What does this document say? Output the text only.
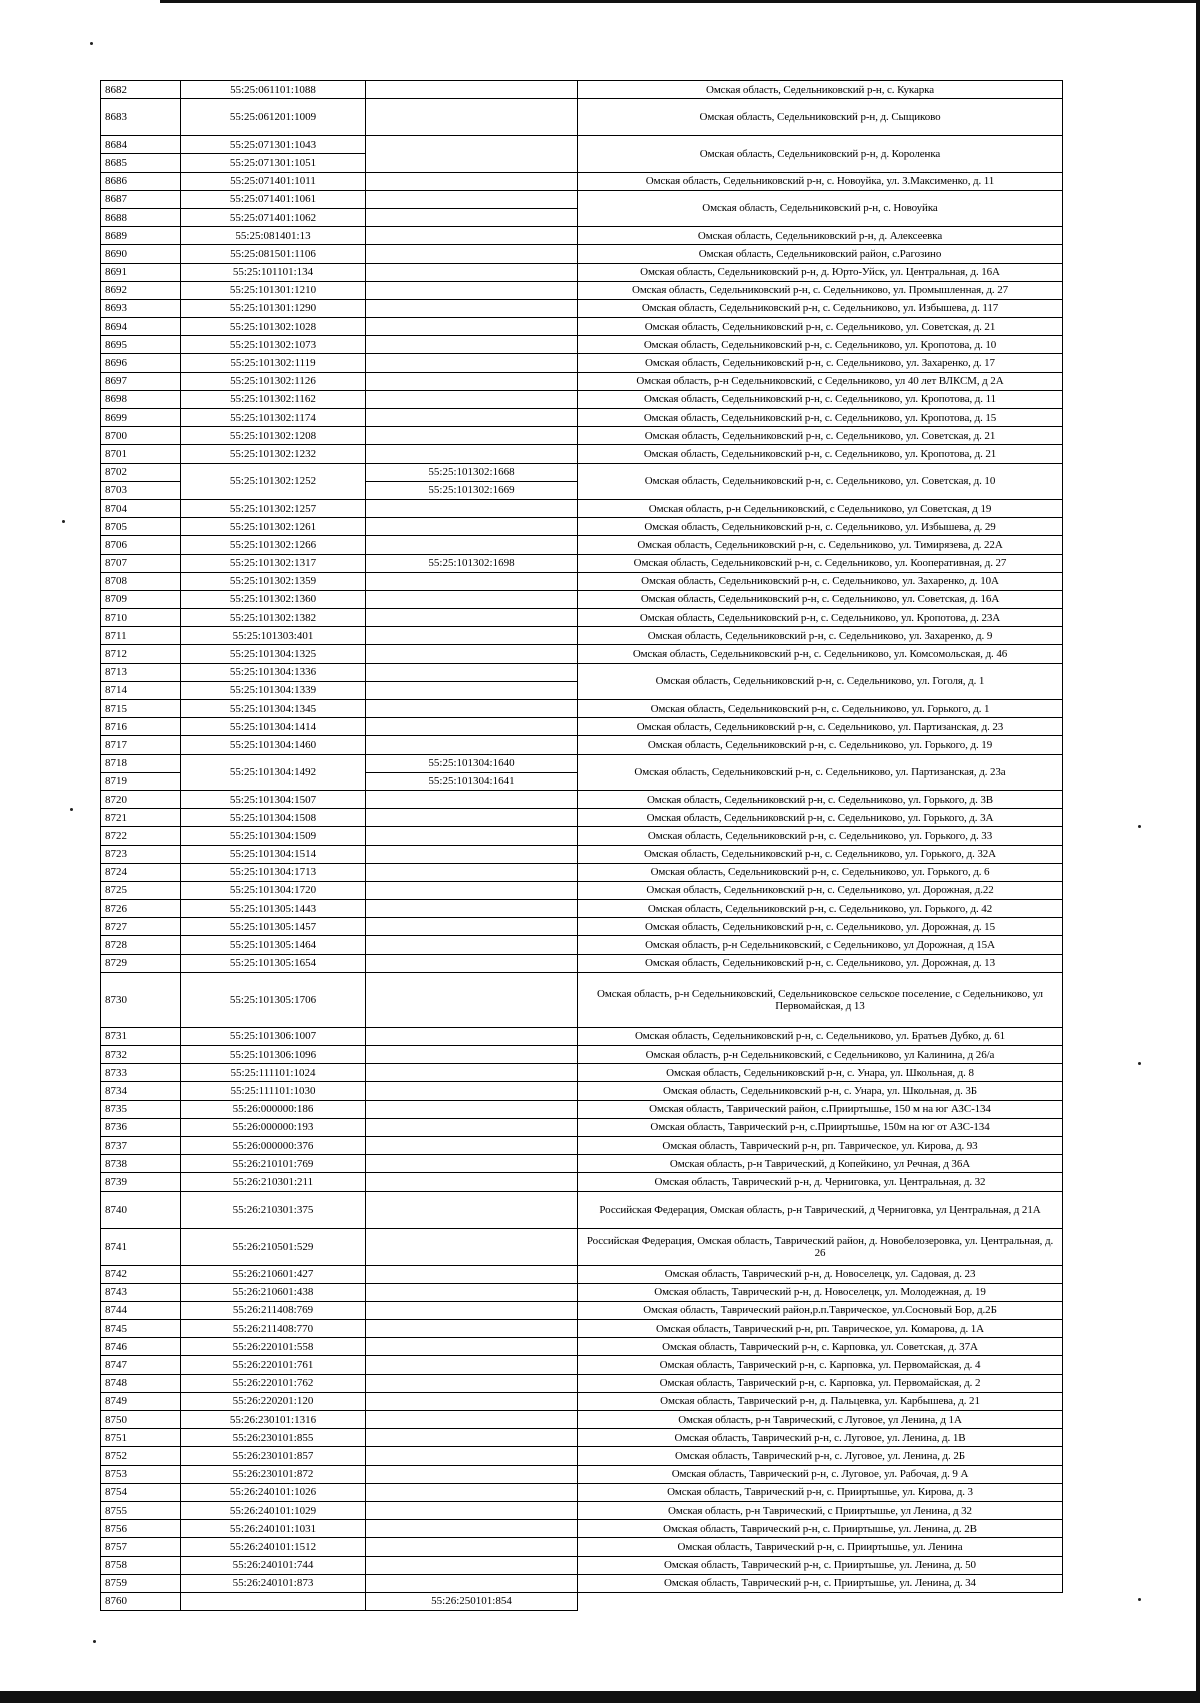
8682	55:25:061101:1088		Омская область, Седельниковский р-н, с. Кукарка
8683	55:25:061201:1009		Омская область, Седельниковский р-н, д. Сыщиково
8684	55:25:071301:1043		Омская область, Седельниковский р-н, д. Короленка
8685	55:25:071301:1051		
8686	55:25:071401:1011		Омская область, Седельниковский р-н, с. Новоуйка, ул. З.Максименко, д. 11
8687	55:25:071401:1061		Омская область, Седельниковский р-н, с. Новоуйка
8688	55:25:071401:1062		
8689	55:25:081401:13		Омская область, Седельниковский р-н, д. Алексеевка
8690	55:25:081501:1106		Омская область, Седельниковский район, с.Рагозино
8691	55:25:101101:134		Омская область, Седельниковский р-н, д. Юрто-Уйск, ул. Центральная, д. 16А
8692	55:25:101301:1210		Омская область, Седельниковский р-н, с. Седельниково, ул. Промышленная, д. 27
8693	55:25:101301:1290		Омская область, Седельниковский р-н, с. Седельниково, ул. Избышева, д. 117
8694	55:25:101302:1028		Омская область, Седельниковский р-н, с. Седельниково, ул. Советская, д. 21
8695	55:25:101302:1073		Омская область, Седельниковский р-н, с. Седельниково, ул. Кропотова, д. 10
8696	55:25:101302:1119		Омская область, Седельниковский р-н, с. Седельниково, ул. Захаренко, д. 17
8697	55:25:101302:1126		Омская область, р-н Седельниковский, с Седельниково, ул 40 лет ВЛКСМ, д 2А
8698	55:25:101302:1162		Омская область, Седельниковский р-н, с. Седельниково, ул. Кропотова, д. 11
8699	55:25:101302:1174		Омская область, Седельниковский р-н, с. Седельниково, ул. Кропотова, д. 15
8700	55:25:101302:1208		Омская область, Седельниковский р-н, с. Седельниково, ул. Советская, д. 21
8701	55:25:101302:1232		Омская область, Седельниковский р-н, с. Седельниково, ул. Кропотова, д. 21
8702	55:25:101302:1252	55:25:101302:1668	Омская область, Седельниковский р-н, с. Седельниково, ул. Советская, д. 10
8703		55:25:101302:1669	
8704	55:25:101302:1257		Омская область, р-н Седельниковский, с Седельниково, ул Советская, д 19
8705	55:25:101302:1261		Омская область, Седельниковский р-н, с. Седельниково, ул. Избышева, д. 29
8706	55:25:101302:1266		Омская область, Седельниковский р-н, с. Седельниково, ул. Тимирязева, д. 22А
8707	55:25:101302:1317	55:25:101302:1698	Омская область, Седельниковский р-н, с. Седельниково, ул. Кооперативная, д. 27
8708	55:25:101302:1359		Омская область, Седельниковский р-н, с. Седельниково, ул. Захаренко, д. 10А
8709	55:25:101302:1360		Омская область, Седельниковский р-н, с. Седельниково, ул. Советская, д. 16А
8710	55:25:101302:1382		Омская область, Седельниковский р-н, с. Седельниково, ул. Кропотова, д. 23А
8711	55:25:101303:401		Омская область, Седельниковский р-н, с. Седельниково, ул. Захаренко, д. 9
8712	55:25:101304:1325		Омская область, Седельниковский р-н, с. Седельниково, ул. Комсомольская, д. 46
8713	55:25:101304:1336		Омская область, Седельниковский р-н, с. Седельниково, ул. Гоголя, д. 1
8714	55:25:101304:1339		
8715	55:25:101304:1345		Омская область, Седельниковский р-н, с. Седельниково, ул. Горького, д. 1
8716	55:25:101304:1414		Омская область, Седельниковский р-н, с. Седельниково, ул. Партизанская, д. 23
8717	55:25:101304:1460		Омская область, Седельниковский р-н, с. Седельниково, ул. Горького, д. 19
8718	55:25:101304:1492	55:25:101304:1640	Омская область, Седельниковский р-н, с. Седельниково, ул. Партизанская, д. 23а
8719		55:25:101304:1641	
8720	55:25:101304:1507		Омская область, Седельниковский р-н, с. Седельниково, ул. Горького, д. 3В
8721	55:25:101304:1508		Омская область, Седельниковский р-н, с. Седельниково, ул. Горького, д. 3А
8722	55:25:101304:1509		Омская область, Седельниковский р-н, с. Седельниково, ул. Горького, д. 33
8723	55:25:101304:1514		Омская область, Седельниковский р-н, с. Седельниково, ул. Горького, д. 32А
8724	55:25:101304:1713		Омская область, Седельниковский р-н, с. Седельниково, ул. Горького, д. 6
8725	55:25:101304:1720		Омская область, Седельниковский р-н, с. Седельниково, ул. Дорожная, д.22
8726	55:25:101305:1443		Омская область, Седельниковский р-н, с. Седельниково, ул. Горького, д. 42
8727	55:25:101305:1457		Омская область, Седельниковский р-н, с. Седельниково, ул. Дорожная, д. 15
8728	55:25:101305:1464		Омская область, р-н Седельниковский, с Седельниково, ул Дорожная, д 15А
8729	55:25:101305:1654		Омская область, Седельниковский р-н, с. Седельниково, ул. Дорожная, д. 13
8730	55:25:101305:1706		Омская область, р-н Седельниковский, Седельниковское сельское поселение, с Седельниково, ул Первомайская, д 13
8731	55:25:101306:1007		Омская область, Седельниковский р-н, с. Седельниково, ул. Братьев Дубко, д. 61
8732	55:25:101306:1096		Омская область, р-н Седельниковский, с Седельниково, ул Калинина, д 26/а
8733	55:25:111101:1024		Омская область, Седельниковский р-н, с. Унара, ул. Школьная, д. 8
8734	55:25:111101:1030		Омская область, Седельниковский р-н, с. Унара, ул. Школьная, д. 3Б
8735	55:26:000000:186		Омская область, Таврический район, с.Прииртышье, 150 м на юг АЗС-134
8736	55:26:000000:193		Омская область, Таврический р-н, с.Прииртышье, 150м на юг от АЗС-134
8737	55:26:000000:376		Омская область, Таврический р-н, рп. Таврическое, ул. Кирова, д. 93
8738	55:26:210101:769		Омская область, р-н Таврический, д Копейкино, ул Речная, д 36А
8739	55:26:210301:211		Омская область, Таврический р-н, д. Черниговка, ул. Центральная, д. 32
8740	55:26:210301:375		Российская Федерация, Омская область, р-н Таврический, д Черниговка, ул Центральная, д 21А
8741	55:26:210501:529		Российская Федерация, Омская область, Таврический район, д. Новобелозеровка, ул. Центральная, д. 26
8742	55:26:210601:427		Омская область, Таврический р-н, д. Новоселецк, ул. Садовая, д. 23
8743	55:26:210601:438		Омская область, Таврический р-н, д. Новоселецк, ул. Молодежная, д. 19
8744	55:26:211408:769		Омская область, Таврический район,р.п.Таврическое, ул.Сосновый Бор, д.2Б
8745	55:26:211408:770		Омская область, Таврический р-н, рп. Таврическое, ул. Комарова, д. 1А
8746	55:26:220101:558		Омская область, Таврический р-н, с. Карповка, ул. Советская, д. 37А
8747	55:26:220101:761		Омская область, Таврический р-н, с. Карповка, ул. Первомайская, д. 4
8748	55:26:220101:762		Омская область, Таврический р-н, с. Карповка, ул. Первомайская, д. 2
8749	55:26:220201:120		Омская область, Таврический р-н, д. Пальцевка, ул. Карбышева, д. 21
8750	55:26:230101:1316		Омская область, р-н Таврический, с Луговое, ул Ленина, д 1А
8751	55:26:230101:855		Омская область, Таврический р-н, с. Луговое, ул. Ленина, д. 1В
8752	55:26:230101:857		Омская область, Таврический р-н, с. Луговое, ул. Ленина, д. 2Б
8753	55:26:230101:872		Омская область, Таврический р-н, с. Луговое, ул. Рабочая, д. 9 А
8754	55:26:240101:1026		Омская область, Таврический р-н, с. Прииртышье, ул. Кирова, д. 3
8755	55:26:240101:1029		Омская область, р-н Таврический, с Прииртышье, ул Ленина, д 32
8756	55:26:240101:1031		Омская область, Таврический р-н, с. Прииртышье, ул. Ленина, д. 2В
8757	55:26:240101:1512		Омская область, Таврический р-н, с. Прииртышье, ул. Ленина
8758	55:26:240101:744		Омская область, Таврический р-н, с. Прииртышье, ул. Ленина, д. 50
8759	55:26:240101:873		Омская область, Таврический р-н, с. Прииртышье, ул. Ленина, д. 34
8760		55:26:250101:854	
